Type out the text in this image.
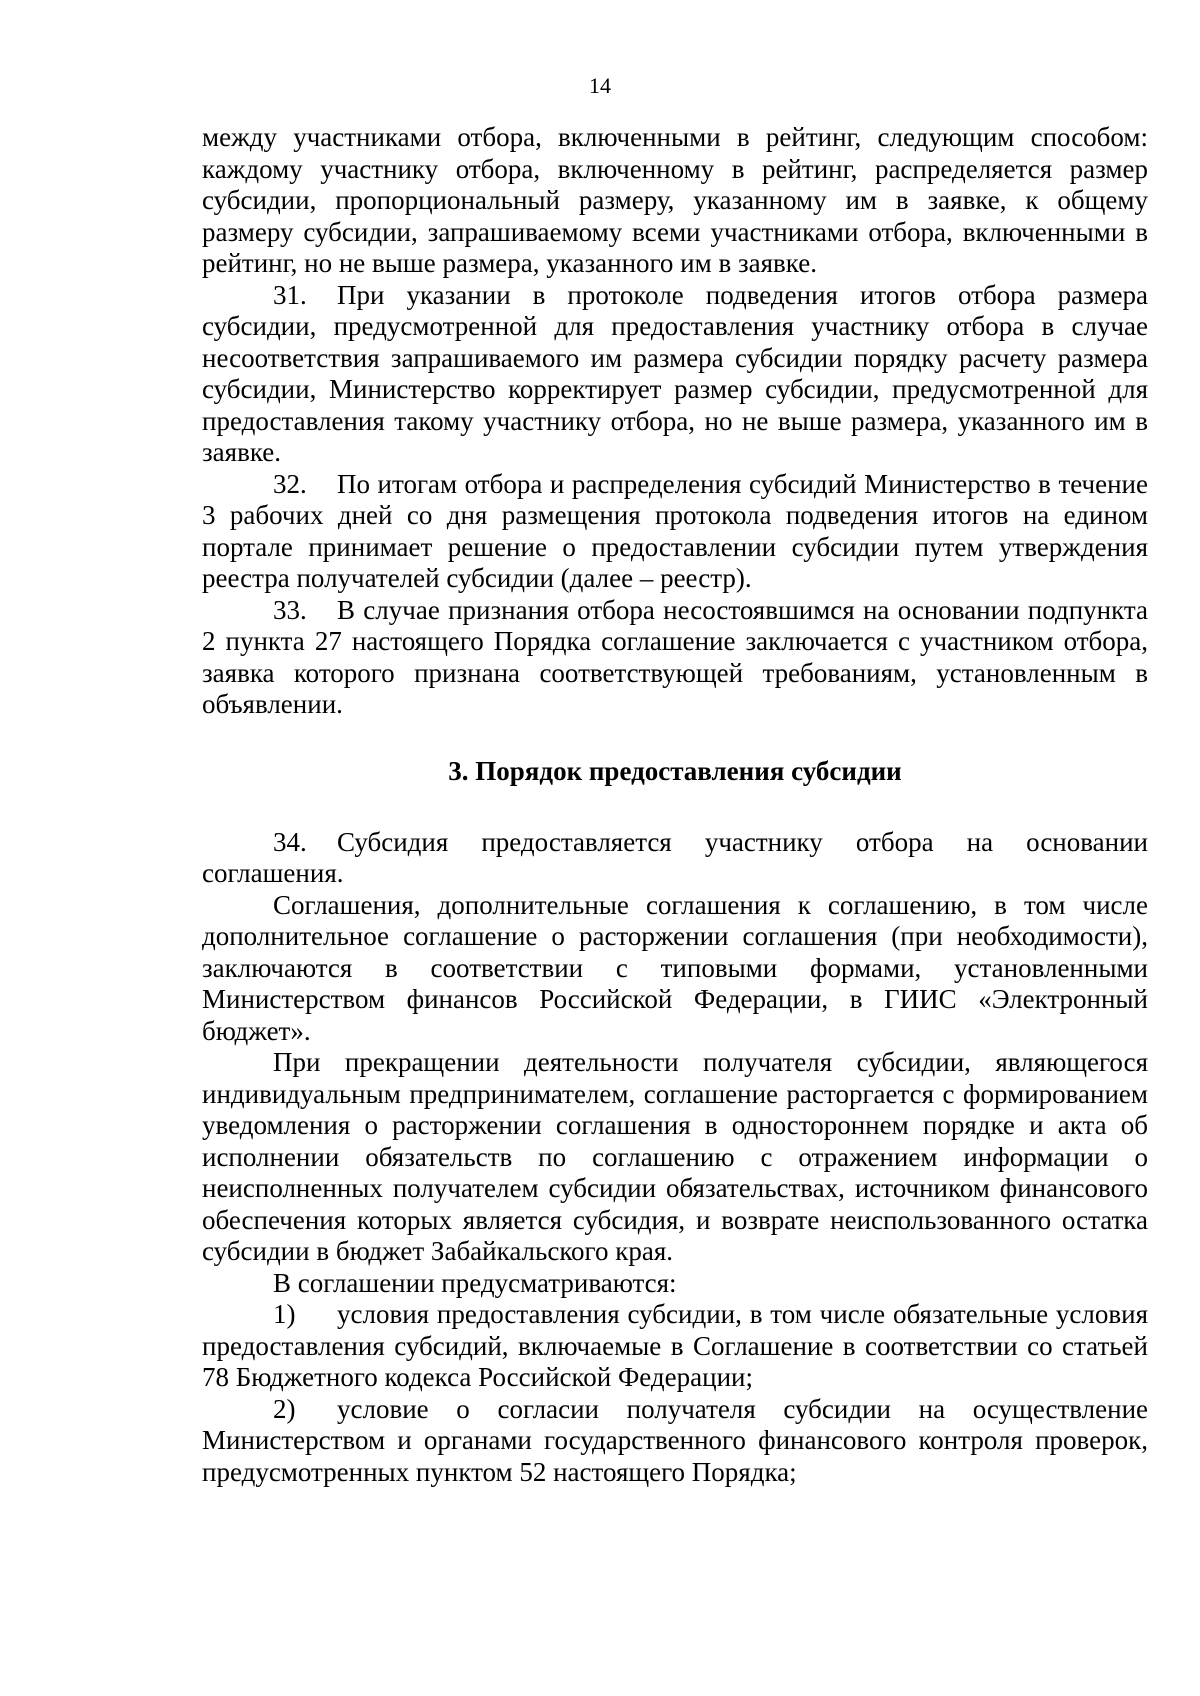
14

между участниками отбора, включенными в рейтинг, следующим способом: каждому участнику отбора, включенному в рейтинг, распределяется размер субсидии, пропорциональный размеру, указанному им в заявке, к общему размеру субсидии, запрашиваемому всеми участниками отбора, включенными в рейтинг, но не выше размера, указанного им в заявке.

31. При указании в протоколе подведения итогов отбора размера субсидии, предусмотренной для предоставления участнику отбора в случае несоответствия запрашиваемого им размера субсидии порядку расчету размера субсидии, Министерство корректирует размер субсидии, предусмотренной для предоставления такому участнику отбора, но не выше размера, указанного им в заявке.

32. По итогам отбора и распределения субсидий Министерство в течение 3 рабочих дней со дня размещения протокола подведения итогов на едином портале принимает решение о предоставлении субсидии путем утверждения реестра получателей субсидии (далее – реестр).

33. В случае признания отбора несостоявшимся на основании подпункта 2 пункта 27 настоящего Порядка соглашение заключается с участником отбора, заявка которого признана соответствующей требованиям, установленным в объявлении.

3. Порядок предоставления субсидии

34. Субсидия предоставляется участнику отбора на основании соглашения.

Соглашения, дополнительные соглашения к соглашению, в том числе дополнительное соглашение о расторжении соглашения (при необходимости), заключаются в соответствии с типовыми формами, установленными Министерством финансов Российской Федерации, в ГИИС «Электронный бюджет».

При прекращении деятельности получателя субсидии, являющегося индивидуальным предпринимателем, соглашение расторгается с формированием уведомления о расторжении соглашения в одностороннем порядке и акта об исполнении обязательств по соглашению с отражением информации о неисполненных получателем субсидии обязательствах, источником финансового обеспечения которых является субсидия, и возврате неиспользованного остатка субсидии в бюджет Забайкальского края.

В соглашении предусматриваются:

1) условия предоставления субсидии, в том числе обязательные условия предоставления субсидий, включаемые в Соглашение в соответствии со статьей 78 Бюджетного кодекса Российской Федерации;

2) условие о согласии получателя субсидии на осуществление Министерством и органами государственного финансового контроля проверок, предусмотренных пунктом 52 настоящего Порядка;
